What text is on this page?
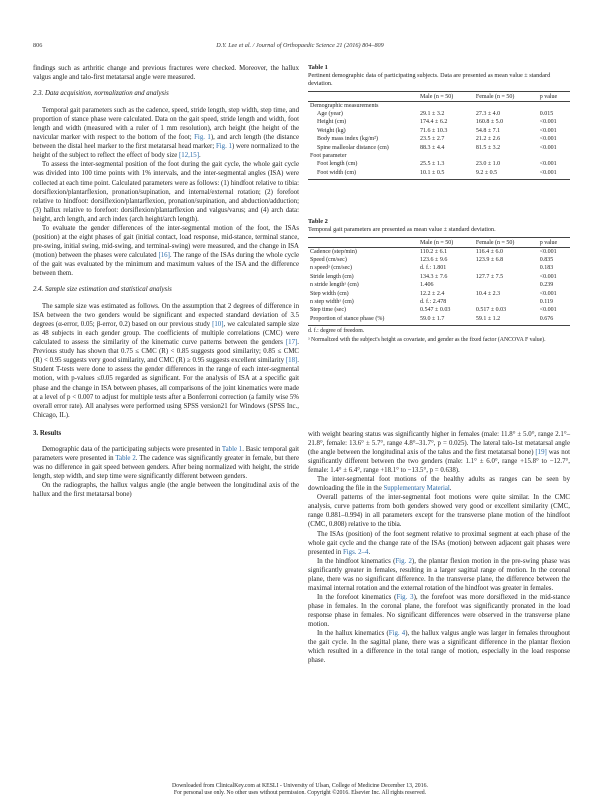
806	D.Y. Lee et al. / Journal of Orthopaedic Science 21 (2016) 804–809

findings such as arthritic change and previous fractures were checked. Moreover, the hallux valgus angle and talo-first metatarsal angle were measured.

2.3. Data acquisition, normalization and analysis

Temporal gait parameters such as the cadence, speed, stride length, step width, step time, and proportion of stance phase were calculated. Data on the gait speed, stride length and width, foot length and width (measured with a ruler of 1 mm resolution), arch height (the height of the navicular marker with respect to the bottom of the foot; Fig. 1), and arch length (the distance between the distal heel marker to the first metatarsal head marker; Fig. 1) were normalized to the height of the subject to reflect the effect of body size [12,15].

To assess the inter-segmental position of the foot during the gait cycle, the whole gait cycle was divided into 100 time points with 1% intervals, and the inter-segmental angles (ISA) were collected at each time point. Calculated parameters were as follows: (1) hindfoot relative to tibia: dorsiflexion/plantarflexion, pronation/supination, and internal/external rotation; (2) forefoot relative to hindfoot: dorsiflexion/plantarflexion, pronation/supination, and abduction/adduction; (3) hallux relative to forefoot: dorsiflexion/plantarflexion and valgus/varus; and (4) arch data: height, arch length, and arch index (arch height/arch length).

To evaluate the gender differences of the inter-segmental motion of the foot, the ISAs (position) at the eight phases of gait (initial contact, load response, mid-stance, terminal stance, pre-swing, initial swing, mid-swing, and terminal-swing) were measured, and the change in ISA (motion) between the phases were calculated [16]. The range of the ISAs during the whole cycle of the gait was evaluated by the minimum and maximum values of the ISA and the difference between them.

2.4. Sample size estimation and statistical analysis

The sample size was estimated as follows. On the assumption that 2 degrees of difference in ISA between the two genders would be significant and expected standard deviation of 3.5 degrees (α-error, 0.05; β-error, 0.2) based on our previous study [10], we calculated sample size as 48 subjects in each gender group. The coefficients of multiple correlations (CMC) were calculated to assess the similarity of the kinematic curve patterns between the genders [17]. Previous study has shown that 0.75 ≤ CMC (R) < 0.85 suggests good similarity; 0.85 ≤ CMC (R) < 0.95 suggests very good similarity, and CMC (R) ≥ 0.95 suggests excellent similarity [18]. Student T-tests were done to assess the gender differences in the range of each inter-segmental motion, with p-values ≤0.05 regarded as significant. For the analysis of ISA at a specific gait phase and the change in ISA between phases, all comparisons of the joint kinematics were made at a level of p < 0.007 to adjust for multiple tests after a Bonferroni correction (a family wise 5% overall error rate). All analyses were performed using SPSS version21 for Windows (SPSS Inc., Chicago, IL).

3. Results

Demographic data of the participating subjects were presented in Table 1. Basic temporal gait parameters were presented in Table 2. The cadence was significantly greater in female, but there was no difference in gait speed between genders. After being normalized with height, the stride length, step width, and step time were significantly different between genders.

On the radiographs, the hallux valgus angle (the angle between the longitudinal axis of the hallux and the first metatarsal bone)

Table 1
Pertinent demographic data of participating subjects. Data are presented as mean value ± standard deviation.
	Male (n = 50)	Female (n = 50)	p value
Demographic measurements			
Age (year)	29.1 ± 3.2	27.3 ± 4.0	0.015
Height (cm)	174.4 ± 6.2	160.8 ± 5.0	<0.001
Weight (kg)	71.6 ± 10.3	54.8 ± 7.1	<0.001
Body mass index (kg/m²)	23.5 ± 2.7	21.2 ± 2.6	<0.001
Spine malleolar distance (cm)	88.3 ± 4.4	81.5 ± 3.2	<0.001
Foot parameter			
Foot length (cm)	25.5 ± 1.3	23.0 ± 1.0	<0.001
Foot width (cm)	10.1 ± 0.5	9.2 ± 0.5	<0.001
Table 2
Temporal gait parameters are presented as mean value ± standard deviation.
	Male (n = 50)	Female (n = 50)	p value
Cadence (step/min)	110.2 ± 6.1	116.4 ± 6.0	<0.001
Speed (cm/sec)	123.6 ± 9.6	123.9 ± 6.8	0.835
n speedᵃ (cm/sec)	d. f.: 1.801		0.183
Stride length (cm)	134.3 ± 7.6	127.7 ± 7.5	<0.001
n stride lengthᵃ (cm)	1.406		0.239
Step width (cm)	12.2 ± 2.4	10.4 ± 2.3	<0.001
n step widthᵃ (cm)	d. f.: 2.478		0.119
Step time (sec)	0.547 ± 0.03	0.517 ± 0.03	<0.001
Proportion of stance phase (%)	59.0 ± 1.7	59.1 ± 1.2	0.676
d. f.: degree of freedom.
ᵃ Normalized with the subject's height as covariate, and gender as the fixed factor (ANCOVA F value).

with weight bearing status was significantly higher in females (male: 11.8° ± 5.0°, range 2.1°–21.8°, female: 13.6° ± 5.7°, range 4.8°–31.7°, p = 0.025). The lateral talo-1st metatarsal angle (the angle between the longitudinal axis of the talus and the first metatarsal bone) [19] was not significantly different between the two genders (male: 1.1° ± 6.0°, range +15.8° to −12.7°, female: 1.4° ± 6.4°, range +18.1° to −13.5°, p = 0.638).

The inter-segmental foot motions of the healthy adults as ranges can be seen by downloading the file in the Supplementary Material.

Overall patterns of the inter-segmental foot motions were quite similar. In the CMC analysis, curve patterns from both genders showed very good or excellent similarity (CMC, range 0.881–0.994) in all parameters except for the transverse plane motion of the hindfoot (CMC, 0.808) relative to the tibia.

The ISAs (position) of the foot segment relative to proximal segment at each phase of the whole gait cycle and the change rate of the ISAs (motion) between adjacent gait phases were presented in Figs. 2–4.

In the hindfoot kinematics (Fig. 2), the plantar flexion motion in the pre-swing phase was significantly greater in females, resulting in a larger sagittal range of motion. In the coronal plane, there was no significant difference. In the transverse plane, the difference between the maximal internal rotation and the external rotation of the hindfoot was greater in females.

In the forefoot kinematics (Fig. 3), the forefoot was more dorsiflexed in the mid-stance phase in females. In the coronal plane, the forefoot was significantly pronated in the load response phase in females. No significant differences were observed in the transverse plane motion.

In the hallux kinematics (Fig. 4), the hallux valgus angle was larger in females throughout the gait cycle. In the sagittal plane, there was a significant difference in the plantar flexion which resulted in a difference in the total range of motion, especially in the load response phase.

Downloaded from ClinicalKey.com at KESLI - University of Ulsan, College of Medicine December 13, 2016.
For personal use only. No other uses without permission. Copyright ©2016. Elsevier Inc. All rights reserved.
